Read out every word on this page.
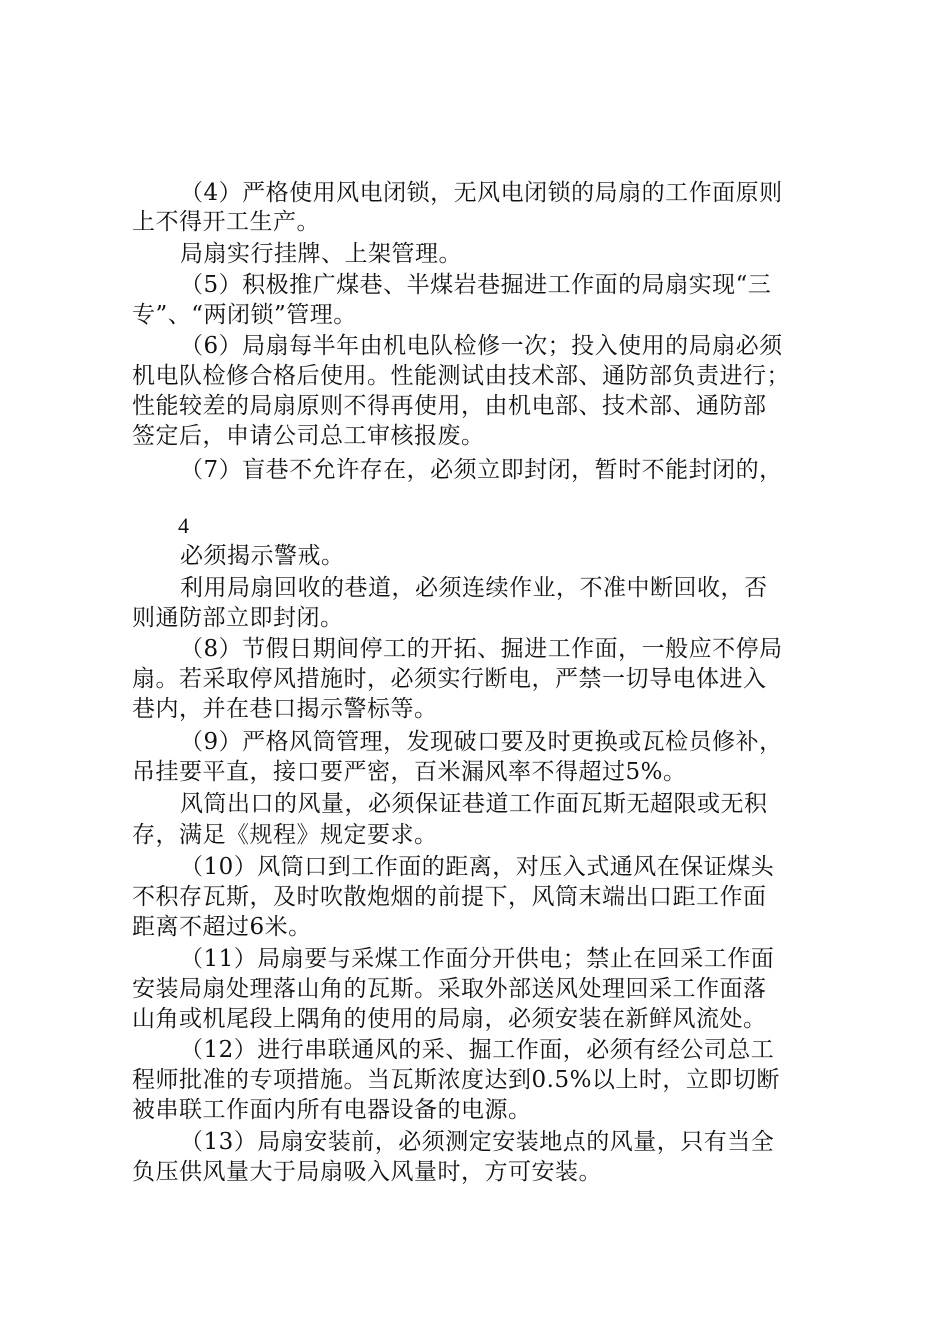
（4）严格使用风电闭锁，无风电闭锁的局扇的工作面原则

上不得开工生产。

局扇实行挂牌、上架管理。

（5）积极推广煤巷、半煤岩巷掘进工作面的局扇实现“三

专”、“两闭锁”管理。

（6）局扇每半年由机电队检修一次；投入使用的局扇必须

机电队检修合格后使用。性能测试由技术部、通防部负责进行；

性能较差的局扇原则不得再使用，由机电部、技术部、通防部

签定后，申请公司总工审核报废。

（7）盲巷不允许存在，必须立即封闭，暂时不能封闭的，

4

必须揭示警戒。

利用局扇回收的巷道，必须连续作业，不准中断回收，否

则通防部立即封闭。

（8）节假日期间停工的开拓、掘进工作面，一般应不停局

扇。若采取停风措施时，必须实行断电，严禁一切导电体进入

巷内，并在巷口揭示警标等。

（9）严格风筒管理，发现破口要及时更换或瓦检员修补，

吊挂要平直，接口要严密，百米漏风率不得超过5%。

风筒出口的风量，必须保证巷道工作面瓦斯无超限或无积

存，满足《规程》规定要求。

（10）风筒口到工作面的距离，对压入式通风在保证煤头

不积存瓦斯，及时吹散炮烟的前提下，风筒末端出口距工作面

距离不超过6米。

（11）局扇要与采煤工作面分开供电；禁止在回采工作面

安装局扇处理落山角的瓦斯。采取外部送风处理回采工作面落

山角或机尾段上隅角的使用的局扇，必须安装在新鲜风流处。

（12）进行串联通风的采、掘工作面，必须有经公司总工

程师批准的专项措施。当瓦斯浓度达到0.5%以上时，立即切断

被串联工作面内所有电器设备的电源。

（13）局扇安装前，必须测定安装地点的风量，只有当全

负压供风量大于局扇吸入风量时，方可安装。
